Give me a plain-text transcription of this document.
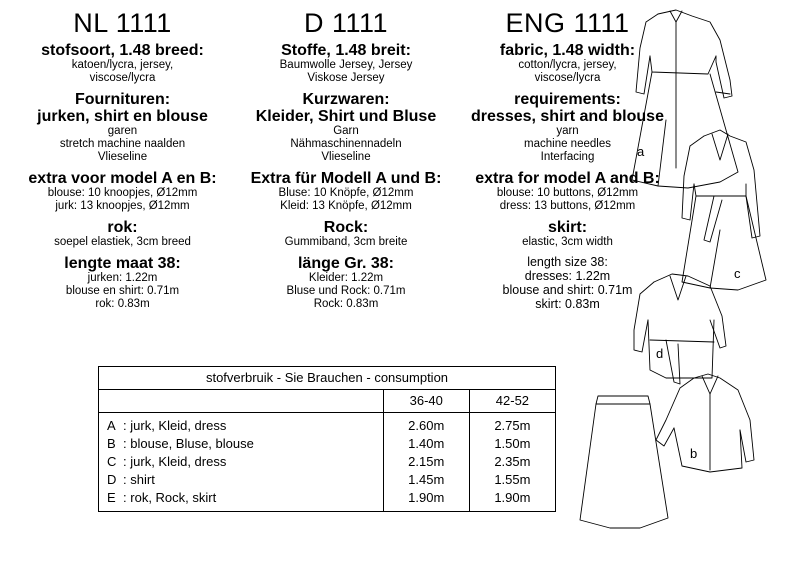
NL 1111
stofsoort, 1.48 breed:
katoen/lycra, jersey,
viscose/lycra
Fournituren:
jurken, shirt en blouse
garen
stretch machine naalden
Vlieseline
extra voor model A en B:
blouse: 10 knoopjes, Ø12mm
jurk: 13 knoopjes, Ø12mm
rok:
soepel elastiek, 3cm breed
lengte maat 38:
jurken: 1.22m
blouse en shirt: 0.71m
rok: 0.83m
D 1111
Stoffe, 1.48 breit:
Baumwolle Jersey, Jersey
Viskose Jersey
Kurzwaren:
Kleider, Shirt und Bluse
Garn
Nähmaschinennadeln
Vlieseline
Extra für Modell A und B:
Bluse: 10 Knöpfe, Ø12mm
Kleid: 13 Knöpfe, Ø12mm
Rock:
Gummiband, 3cm breite
länge Gr. 38:
Kleider: 1.22m
Bluse und Rock: 0.71m
Rock: 0.83m
ENG 1111
fabric, 1.48 width:
cotton/lycra, jersey,
viscose/lycra
requirements:
dresses, shirt and blouse
yarn
machine needles
Interfacing
extra for model A and B:
blouse: 10 buttons, Ø12mm
dress: 13 buttons, Ø12mm
skirt:
elastic, 3cm width
length size 38:
dresses: 1.22m
blouse and shirt: 0.71m
skirt: 0.83m
stofverbruik - Sie Brauchen - consumption			
		36-40	42-52
A	: jurk, Kleid, dress	2.60m	2.75m
B	: blouse, Bluse, blouse	1.40m	1.50m
C	: jurk, Kleid, dress	2.15m	2.35m
D	: shirt	1.45m	1.55m
E	: rok, Rock, skirt	1.90m	1.90m
a
c
d
b
